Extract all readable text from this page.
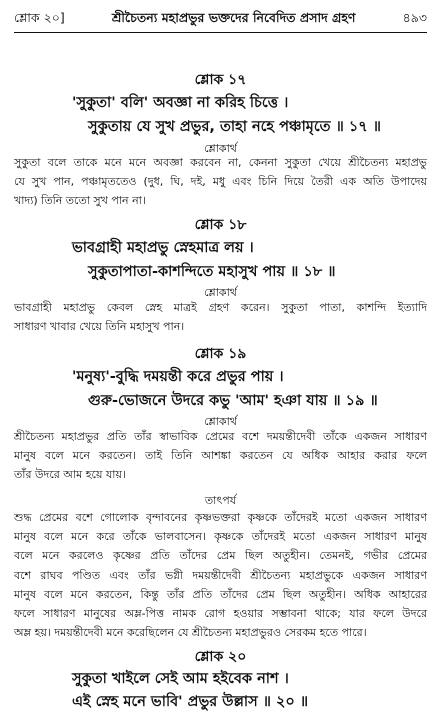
শ্লোক ২০]	শ্রীচৈতন্য মহাপ্রভুর ভক্তদের নিবেদিত প্রসাদ গ্রহণ	৪৯৩
শ্লোক ১৭
'সুকুতা' বলি' অবজ্ঞা না করিহ চিত্তে ।
সুকুতায় যে সুখ প্রভুর, তাহা নহে পঞ্চামৃতে ॥ ১৭ ॥
শ্লোকার্থ
সুকুতা বলে তাকে মনে মনে অবজ্ঞা করবেন না, কেননা সুকুতা খেয়ে শ্রীচৈতন্য মহাপ্রভু
যে সুখ পান, পঞ্চামৃততেও (দুধ, ঘি, দই, মধু এবং চিনি দিয়ে তৈরী এক অতি উপাদেয়
খাদ্য) তিনি ততো সুখ পান না।
শ্লোক ১৮
ভাবগ্রাহী মহাপ্রভু স্নেহমাত্র লয় ।
সুকুতাপাতা-কাশন্দিতে মহাসুখ পায় ॥ ১৮ ॥
শ্লোকার্থ
ভাবগ্রাহী মহাপ্রভু কেবল স্নেহ মাত্রই গ্রহণ করেন। সুকুতা পাতা, কাশন্দি ইত্যাদি
সাধারণ খাবার খেয়ে তিনি মহাসুখ পান।
শ্লোক ১৯
'মনুষ্য'-বুদ্ধি দময়ন্তী করে প্রভুর পায় ।
গুরু-ভোজনে উদরে কভু 'আম' হঞা যায় ॥ ১৯ ॥
শ্লোকার্থ
শ্রীচৈতন্য মহাপ্রভুর প্রতি তাঁর স্বাভাবিক প্রেমের বশে দময়ন্তীদেবী তাঁকে একজন সাধারণ
মানুষ বলে মনে করতেন। তাই তিনি আশঙ্কা করতেন যে অধিক আহার করার ফলে
তাঁর উদরে আম হয়ে যায়।
তাৎপর্য
শুদ্ধ প্রেমের বশে গোলোক বৃন্দাবনের কৃষ্ণভক্তরা কৃষ্ণকে তাঁদেরই মতো একজন সাধারণ
মানুষ বলে মনে করে তাঁকে ভালবাসেন। কৃষ্ণকে তাঁদেরই মতো একজন সাধারণ মানুষ
বলে মনে করলেও কৃষ্ণের প্রতি তাঁদের প্রেম ছিল অতুহীন। তেমনই, গভীর প্রেমের
বশে রাঘব পণ্ডিত এবং তাঁর ভগ্নী দময়ন্তীদেবী শ্রীচৈতন্য মহাপ্রভুকে একজন সাধারণ
মানুষ বলে মনে করতেন, কিন্তু তাঁর প্রতি তাঁদের প্রেম ছিল অতুহীন। অধিক আহারের
ফলে সাধারণ মানুষের অম্ল-পিত্ত নামক রোগ হওয়ার সম্ভাবনা থাকে; যার ফলে উদরে
অম্ল হয়। দময়ন্তীদেবী মনে করেছিলেন যে শ্রীচৈতন্য মহাপ্রভুরও সেরকম হতে পারে।
শ্লোক ২০
সুকুতা খাইলে সেই আম হইবেক নাশ ।
এই স্নেহ মনে ভাবি' প্রভুর উল্লাস ॥ ২০ ॥
